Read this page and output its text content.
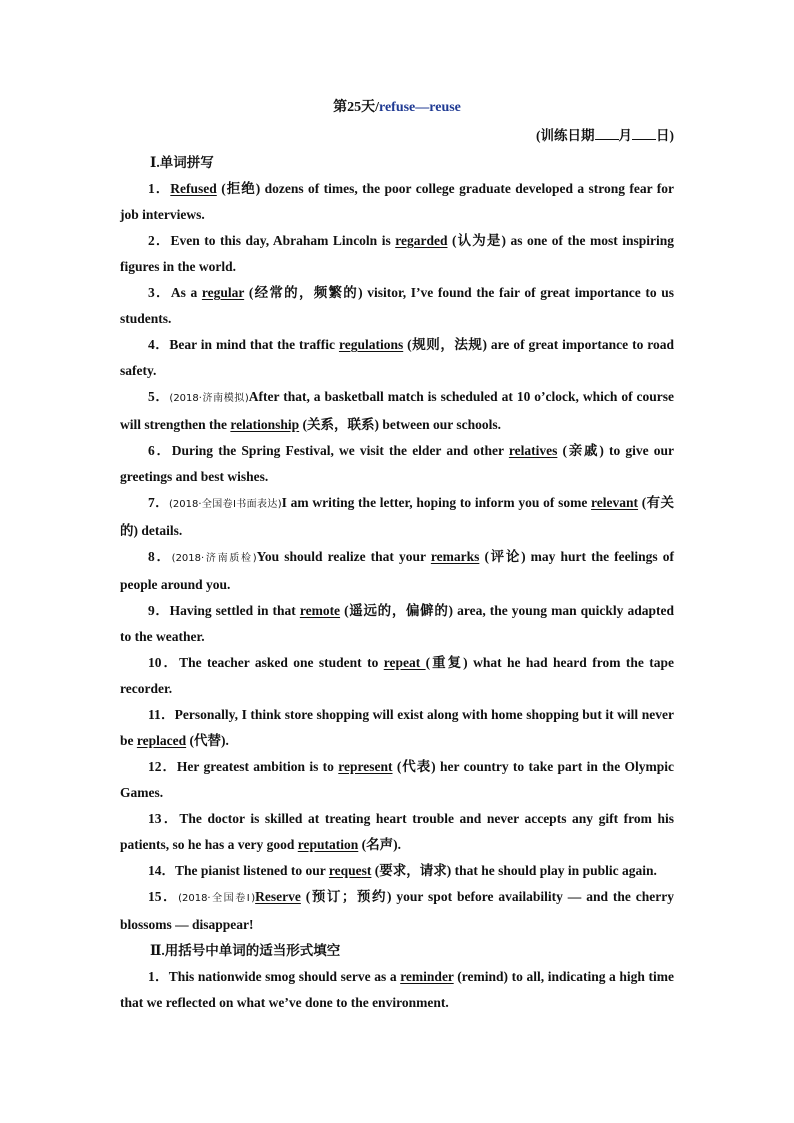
第25天/refuse—reuse
(训练日期 月 日)
Ⅰ.单词拼写

1．Refused (拒绝) dozens of times, the poor college graduate developed a strong fear for job interviews.

2．Even to this day, Abraham Lincoln is regarded (认为是) as one of the most inspiring figures in the world.

3．As a regular (经常的，频繁的) visitor, I’ve found the fair of great importance to us students.

4．Bear in mind that the traffic regulations (规则，法规) are of great importance to road safety.

5．(2018·济南模拟)After that, a basketball match is scheduled at 10 o’clock, which of course will strengthen the relationship (关系，联系) between our schools.

6．During the Spring Festival, we visit the elder and other relatives (亲戚) to give our greetings and best wishes.

7．(2018·全国卷Ⅰ书面表达)I am writing the letter, hoping to inform you of some relevant (有关的) details.

8．(2018·济南质检)You should realize that your remarks (评论) may hurt the feelings of people around you.

9．Having settled in that remote (遥远的，偏僻的) area, the young man quickly adapted to the weather.

10．The teacher asked one student to repeat (重复) what he had heard from the tape recorder.

11．Personally, I think store shopping will exist along with home shopping but it will never be replaced (代替).

12．Her greatest ambition is to represent (代表) her country to take part in the Olympic Games.

13．The doctor is skilled at treating heart trouble and never accepts any gift from his patients, so he has a very good reputation (名声).

14．The pianist listened to our request (要求，请求) that he should play in public again.

15．(2018·全国卷Ⅰ)Reserve (预订；预约) your spot before availability — and the cherry blossoms — disappear!

Ⅱ.用括号中单词的适当形式填空

1．This nationwide smog should serve as a reminder (remind) to all, indicating a high time that we reflected on what we’ve done to the environment.
